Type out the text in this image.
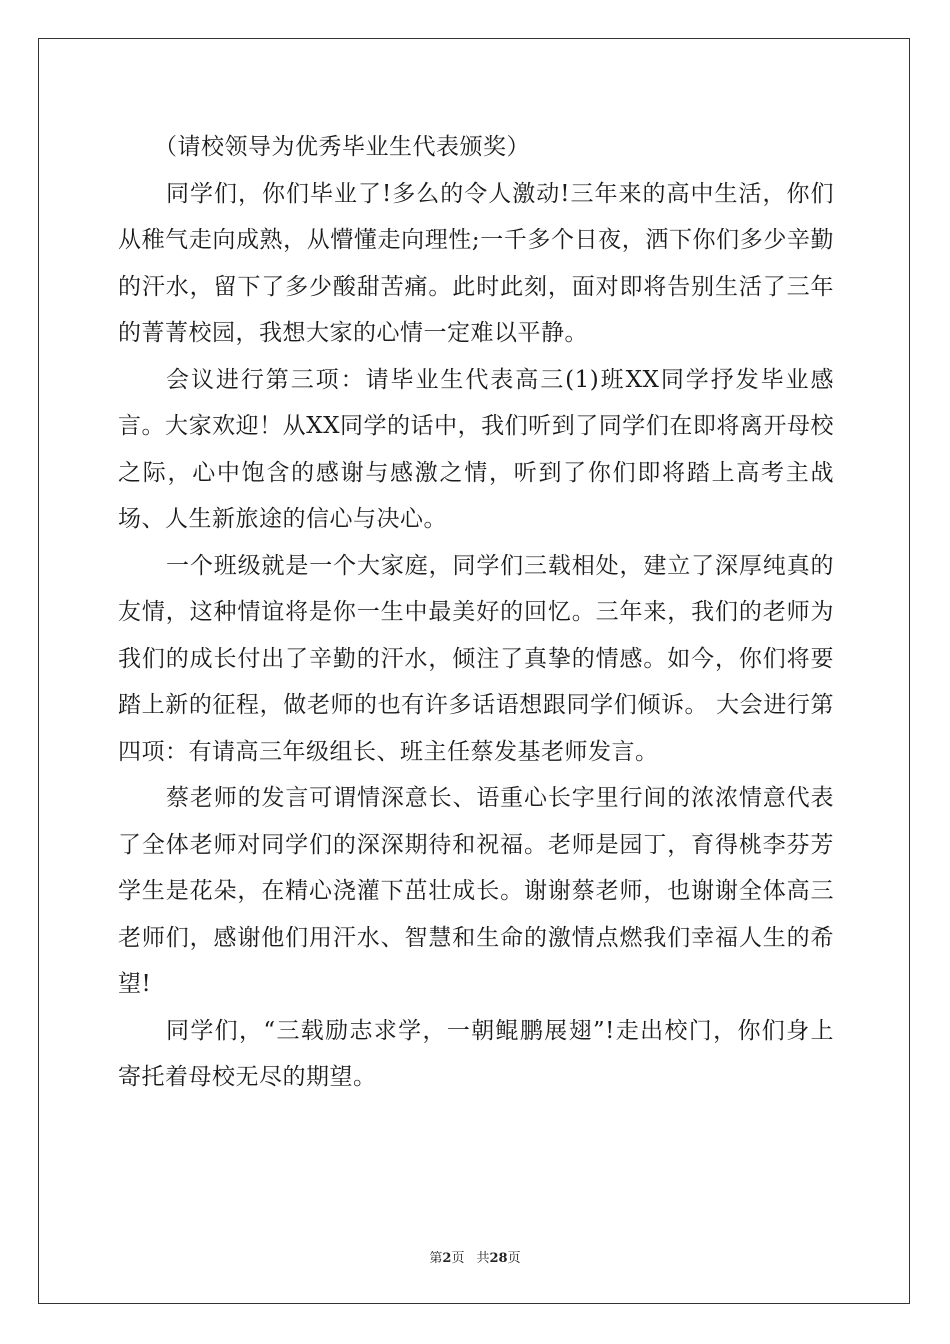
（请校领导为优秀毕业生代表颁奖）

同学们，你们毕业了!多么的令人激动!三年来的高中生活，你们从稚气走向成熟，从懵懂走向理性;一千多个日夜，洒下你们多少辛勤的汗水，留下了多少酸甜苦痛。此时此刻，面对即将告别生活了三年的菁菁校园，我想大家的心情一定难以平静。

会议进行第三项：请毕业生代表高三(1)班XX同学抒发毕业感言。大家欢迎！从XX同学的话中，我们听到了同学们在即将离开母校之际，心中饱含的感谢与感激之情，听到了你们即将踏上高考主战场、人生新旅途的信心与决心。

一个班级就是一个大家庭，同学们三载相处，建立了深厚纯真的友情，这种情谊将是你一生中最美好的回忆。三年来，我们的老师为我们的成长付出了辛勤的汗水，倾注了真挚的情感。如今，你们将要踏上新的征程，做老师的也有许多话语想跟同学们倾诉。 大会进行第四项：有请高三年级组长、班主任蔡发基老师发言。

蔡老师的发言可谓情深意长、语重心长字里行间的浓浓情意代表了全体老师对同学们的深深期待和祝福。老师是园丁，育得桃李芬芳学生是花朵，在精心浇灌下茁壮成长。谢谢蔡老师，也谢谢全体高三老师们，感谢他们用汗水、智慧和生命的激情点燃我们幸福人生的希望!

同学们，“三载励志求学，一朝鲲鹏展翅”!走出校门，你们身上寄托着母校无尽的期望。

第2页 共28页
